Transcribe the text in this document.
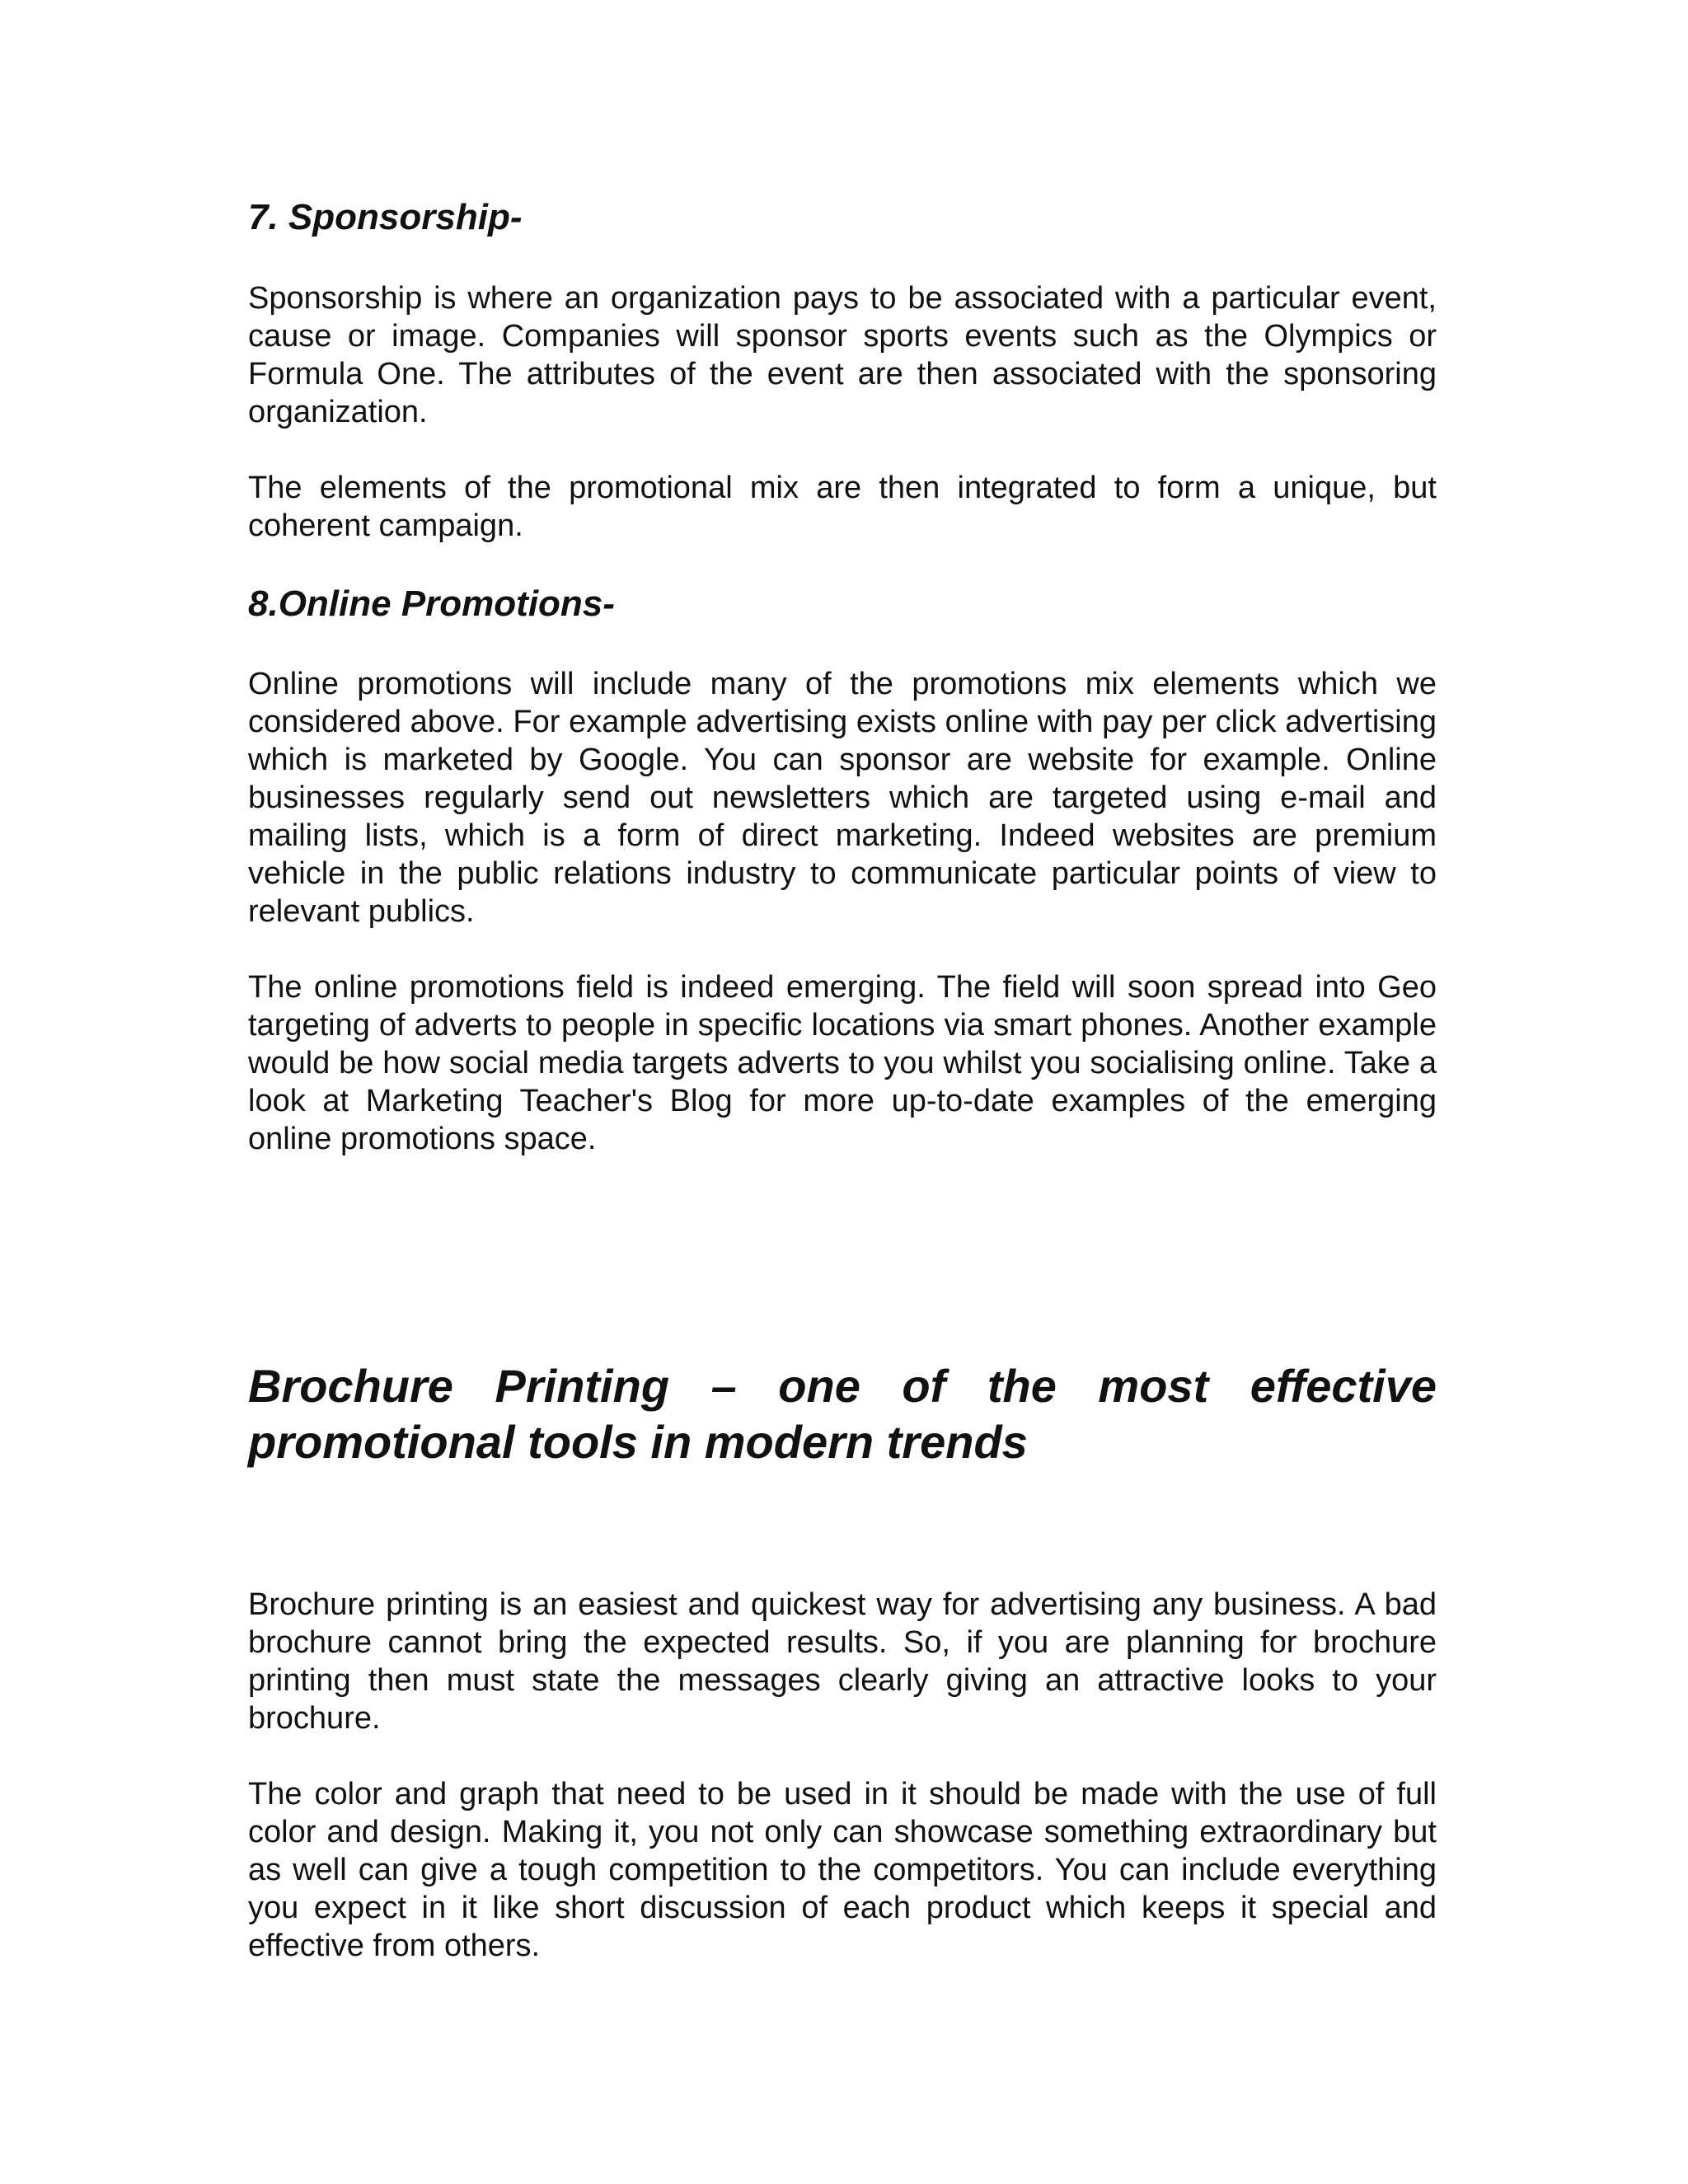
7. Sponsorship-

Sponsorship is where an organization pays to be associated with a particular event, cause or image. Companies will sponsor sports events such as the Olympics or Formula One. The attributes of the event are then associated with the sponsoring organization.

The elements of the promotional mix are then integrated to form a unique, but coherent campaign.

8.Online Promotions-

Online promotions will include many of the promotions mix elements which we considered above. For example advertising exists online with pay per click advertising which is marketed by Google. You can sponsor are website for example. Online businesses regularly send out newsletters which are targeted using e-mail and mailing lists, which is a form of direct marketing. Indeed websites are premium vehicle in the public relations industry to communicate particular points of view to relevant publics.

The online promotions field is indeed emerging. The field will soon spread into Geo targeting of adverts to people in specific locations via smart phones. Another example would be how social media targets adverts to you whilst you socialising online. Take a look at Marketing Teacher's Blog for more up-to-date examples of the emerging online promotions space.

Brochure Printing – one of the most effective promotional tools in modern trends

Brochure printing is an easiest and quickest way for advertising any business. A bad brochure cannot bring the expected results. So, if you are planning for brochure printing then must state the messages clearly giving an attractive looks to your brochure.

The color and graph that need to be used in it should be made with the use of full color and design. Making it, you not only can showcase something extraordinary but as well can give a tough competition to the competitors. You can include everything you expect in it like short discussion of each product which keeps it special and effective from others.
